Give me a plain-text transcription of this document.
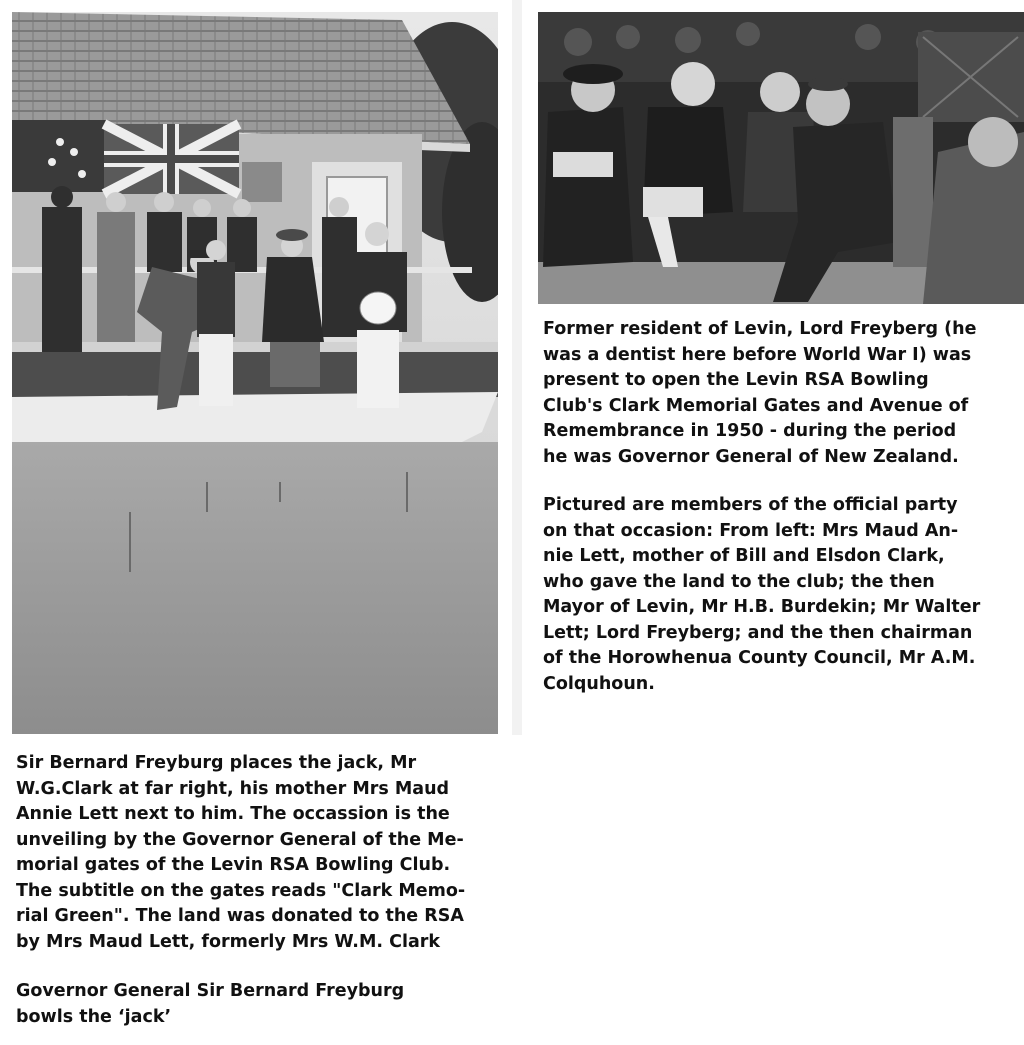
Former resident of Levin, Lord Freyberg (he
was a dentist here before World War I) was
present to open the Levin RSA Bowling
Club's Clark Memorial Gates and Avenue of
Remembrance in 1950 - during the period
he was Governor General of New Zealand.
Pictured are members of the official party
on that occasion: From left: Mrs Maud An-
nie Lett, mother of Bill and Elsdon Clark,
who gave the land to the club; the then
Mayor of Levin, Mr H.B. Burdekin; Mr Walter
Lett; Lord Freyberg; and the then chairman
of the Horowhenua County Council, Mr A.M.
Colquhoun.
Sir Bernard Freyburg places the jack, Mr
W.G.Clark at far right, his mother Mrs Maud
Annie Lett next to him. The occassion is the
unveiling by the Governor General of the Me-
morial gates of the Levin RSA Bowling Club.
The subtitle on the gates reads "Clark Memo-
rial Green". The land was donated to the RSA
by Mrs Maud Lett, formerly Mrs W.M. Clark
Governor General Sir Bernard Freyburg
bowls the ‘jack’
